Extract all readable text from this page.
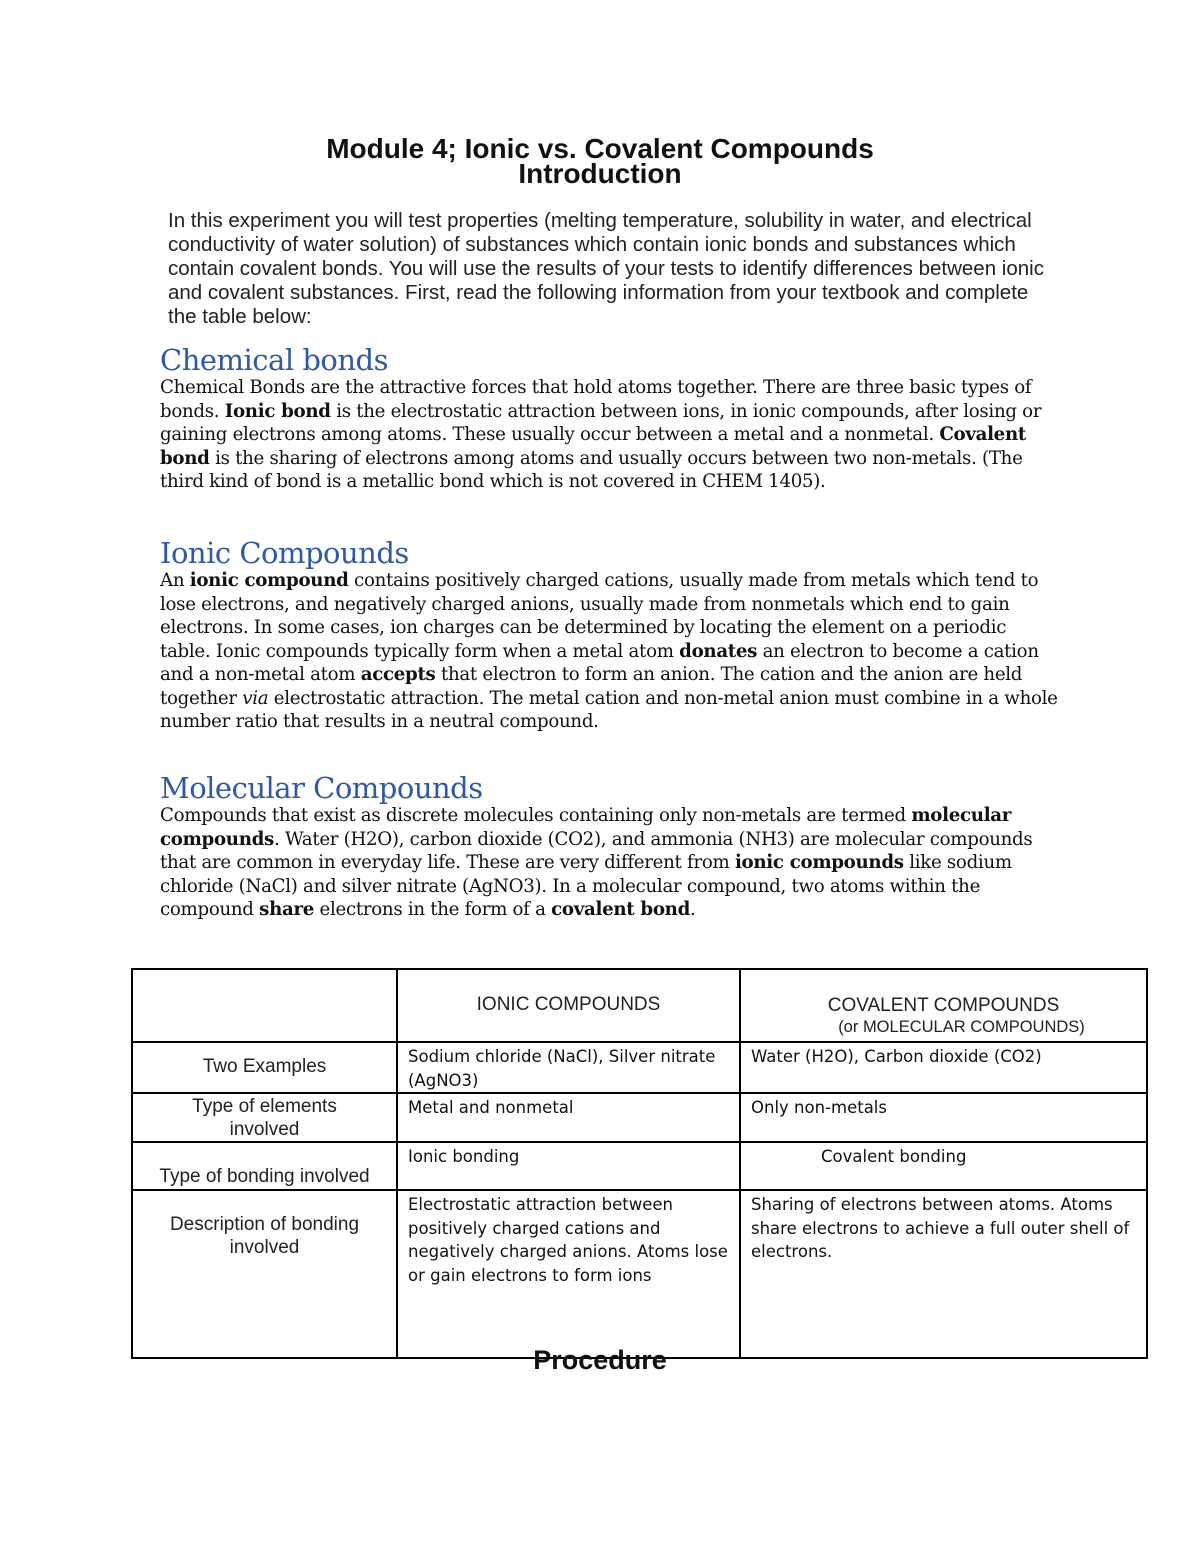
Module 4; Ionic vs. Covalent Compounds
Introduction

In this experiment you will test properties (melting temperature, solubility in water, and electrical conductivity of water solution) of substances which contain ionic bonds and substances which contain covalent bonds. You will use the results of your tests to identify differences between ionic and covalent substances. First, read the following information from your textbook and complete the table below:

Chemical bonds

Chemical Bonds are the attractive forces that hold atoms together. There are three basic types of bonds. Ionic bond is the electrostatic attraction between ions, in ionic compounds, after losing or gaining electrons among atoms. These usually occur between a metal and a nonmetal. Covalent bond is the sharing of electrons among atoms and usually occurs between two non-metals. (The third kind of bond is a metallic bond which is not covered in CHEM 1405).

Ionic Compounds

An ionic compound contains positively charged cations, usually made from metals which tend to lose electrons, and negatively charged anions, usually made from nonmetals which end to gain electrons. In some cases, ion charges can be determined by locating the element on a periodic table. Ionic compounds typically form when a metal atom donates an electron to become a cation and a non-metal atom accepts that electron to form an anion. The cation and the anion are held together via electrostatic attraction. The metal cation and non-metal anion must combine in a whole number ratio that results in a neutral compound.

Molecular Compounds

Compounds that exist as discrete molecules containing only non-metals are termed molecular compounds. Water (H2O), carbon dioxide (CO2), and ammonia (NH3) are molecular compounds that are common in everyday life. These are very different from ionic compounds like sodium chloride (NaCl) and silver nitrate (AgNO3). In a molecular compound, two atoms within the compound share electrons in the form of a covalent bond.

	IONIC COMPOUNDS	COVALENT COMPOUNDS
(or MOLECULAR COMPOUNDS)

Two Examples	Sodium chloride (NaCl), Silver nitrate (AgNO3)	Water (H2O), Carbon dioxide (CO2)

Type of elements involved	Metal and nonmetal	Only non-metals

Type of bonding involved	Ionic bonding	Covalent bonding

Description of bonding involved	Electrostatic attraction between positively charged cations and negatively charged anions. Atoms lose or gain electrons to form ions	Sharing of electrons between atoms. Atoms share electrons to achieve a full outer shell of electrons.
Procedure
